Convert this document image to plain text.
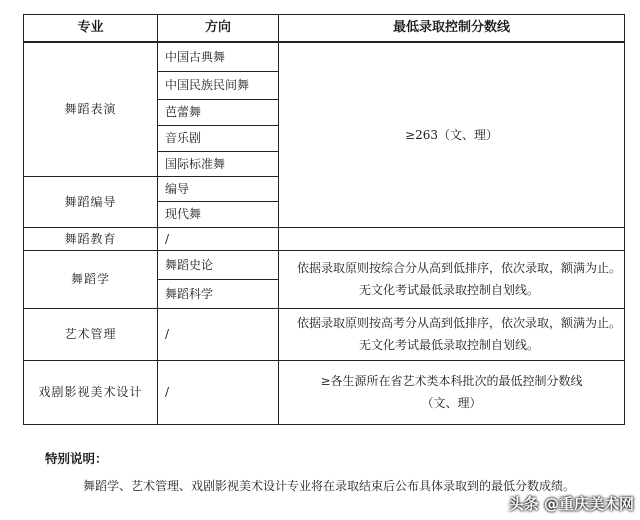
专业	方向	最低录取控制分数线
舞蹈表演	中国古典舞	≥263（文、理）
	中国民族民间舞	
	芭蕾舞	
	音乐剧	
	国际标准舞	
舞蹈编导	编导	
	现代舞	
舞蹈教育	/	
舞蹈学	舞蹈史论	依据录取原则按综合分从高到低排序，依次录取，额满为止。
无文化考试最低录取控制自划线。

	舞蹈科学	
艺术管理	/	依据录取原则按高考分从高到低排序，依次录取，额满为止。
无文化考试最低录取控制自划线。

戏剧影视美术设计	/	≥各生源所在省艺术类本科批次的最低控制分数线
（文、理）

特别说明：

舞蹈学、艺术管理、戏剧影视美术设计专业将在录取结束后公布具体录取到的最低分数成绩。

头条 @重庆美术网
